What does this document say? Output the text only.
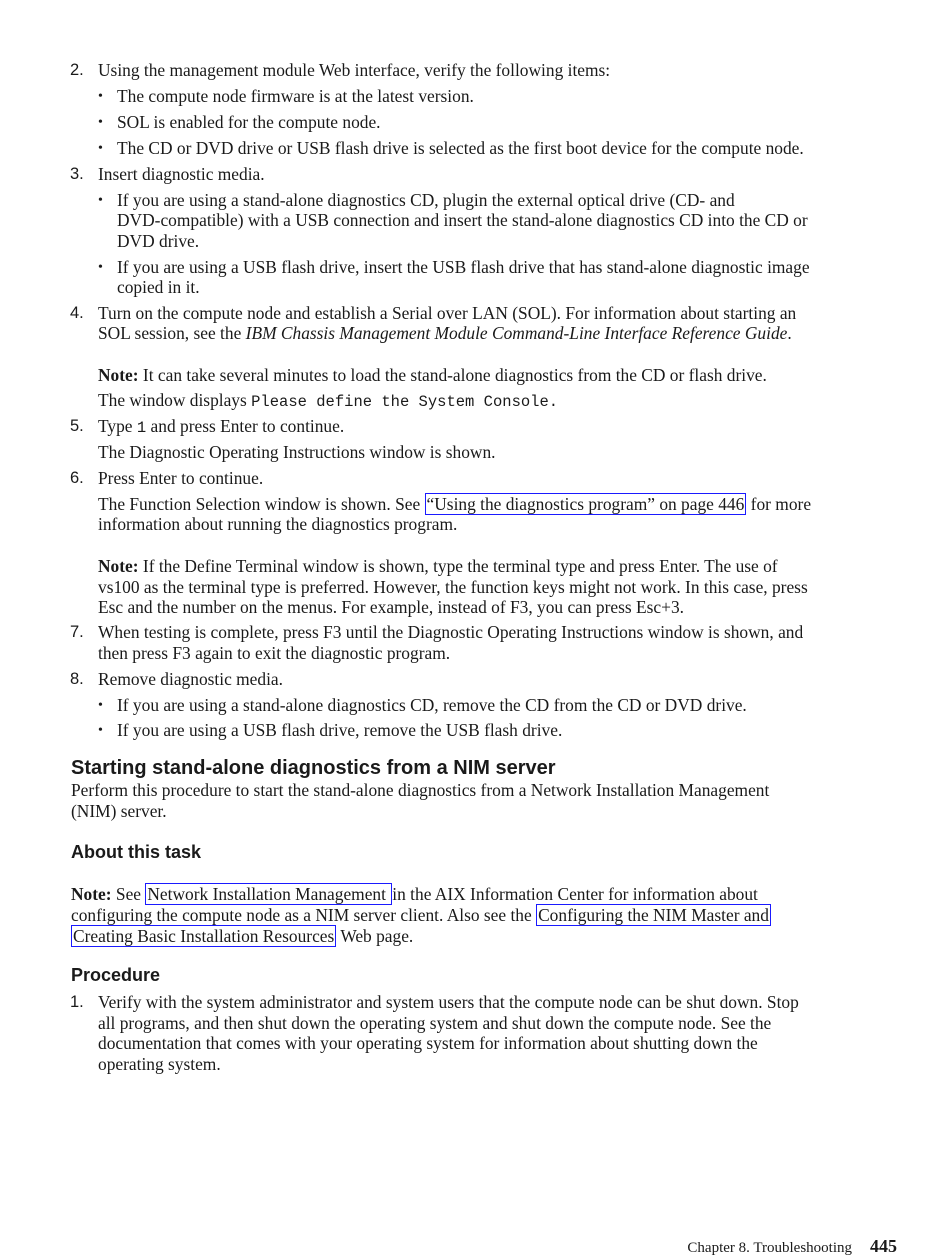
2. Using the management module Web interface, verify the following items:
• The compute node firmware is at the latest version.
• SOL is enabled for the compute node.
• The CD or DVD drive or USB flash drive is selected as the first boot device for the compute node.
3. Insert diagnostic media.
• If you are using a stand-alone diagnostics CD, plugin the external optical drive (CD- and
DVD-compatible) with a USB connection and insert the stand-alone diagnostics CD into the CD or
DVD drive.
• If you are using a USB flash drive, insert the USB flash drive that has stand-alone diagnostic image
copied in it.
4. Turn on the compute node and establish a Serial over LAN (SOL). For information about starting an
SOL session, see the IBM Chassis Management Module Command-Line Interface Reference Guide.
Note: It can take several minutes to load the stand-alone diagnostics from the CD or flash drive.
The window displays Please define the System Console.
5. Type 1 and press Enter to continue.
The Diagnostic Operating Instructions window is shown.
6. Press Enter to continue.
The Function Selection window is shown. See “Using the diagnostics program” on page 446 for more
information about running the diagnostics program.
Note: If the Define Terminal window is shown, type the terminal type and press Enter. The use of
vs100 as the terminal type is preferred. However, the function keys might not work. In this case, press
Esc and the number on the menus. For example, instead of F3, you can press Esc+3.
7. When testing is complete, press F3 until the Diagnostic Operating Instructions window is shown, and
then press F3 again to exit the diagnostic program.
8. Remove diagnostic media.
• If you are using a stand-alone diagnostics CD, remove the CD from the CD or DVD drive.
• If you are using a USB flash drive, remove the USB flash drive.
Starting stand-alone diagnostics from a NIM server
Perform this procedure to start the stand-alone diagnostics from a Network Installation Management
(NIM) server.
About this task
Note: See Network Installation Management in the AIX Information Center for information about
configuring the compute node as a NIM server client. Also see the Configuring the NIM Master and
Creating Basic Installation Resources Web page.
Procedure
1. Verify with the system administrator and system users that the compute node can be shut down. Stop
all programs, and then shut down the operating system and shut down the compute node. See the
documentation that comes with your operating system for information about shutting down the
operating system.
Chapter 8. Troubleshooting 445
